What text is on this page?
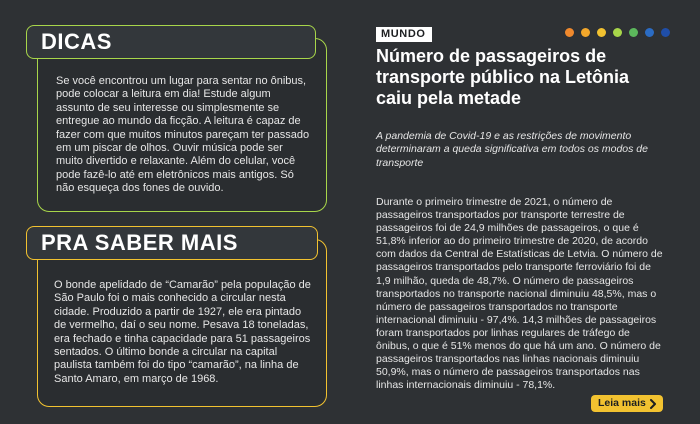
DICAS
Se você encontrou um lugar para sentar no ônibus, pode colocar a leitura em dia! Estude algum assunto de seu interesse ou simplesmente se entregue ao mundo da ficção. A leitura é capaz de fazer com que muitos minutos pareçam ter passado em um piscar de olhos. Ouvir música pode ser muito divertido e relaxante. Além do celular, você pode fazê-lo até em eletrônicos mais antigos. Só não esqueça dos fones de ouvido.
PRA SABER MAIS
O bonde apelidado de “Camarão” pela população de São Paulo foi o mais conhecido a circular nesta cidade. Produzido a partir de 1927, ele era pintado de vermelho, daí o seu nome. Pesava 18 toneladas, era fechado e tinha capacidade para 51 passageiros sentados. O último bonde a circular na capital paulista também foi do tipo “camarão”, na linha de Santo Amaro, em março de 1968.
MUNDO
Número de passageiros de transporte público na Letônia caiu pela metade
A pandemia de Covid-19 e as restrições de movimento determinaram a queda significativa em todos os modos de transporte
Durante o primeiro trimestre de 2021, o número de passageiros transportados por transporte terrestre de passageiros foi de 24,9 milhões de passageiros, o que é 51,8% inferior ao do primeiro trimestre de 2020, de acordo com dados da Central de Estatísticas de Letvia. O número de passageiros transportados pelo transporte ferroviário foi de 1,9 milhão, queda de 48,7%. O número de passageiros transportados no transporte nacional diminuiu 48,5%, mas o número de passageiros transportados no transporte internacional diminuiu - 97,4%. 14,3 milhões de passageiros foram transportados por linhas regulares de tráfego de ônibus, o que é 51% menos do que há um ano. O número de passageiros transportados nas linhas nacionais diminuiu 50,9%, mas o número de passageiros transportados nas linhas internacionais diminuiu - 78,1%.
Leia mais
